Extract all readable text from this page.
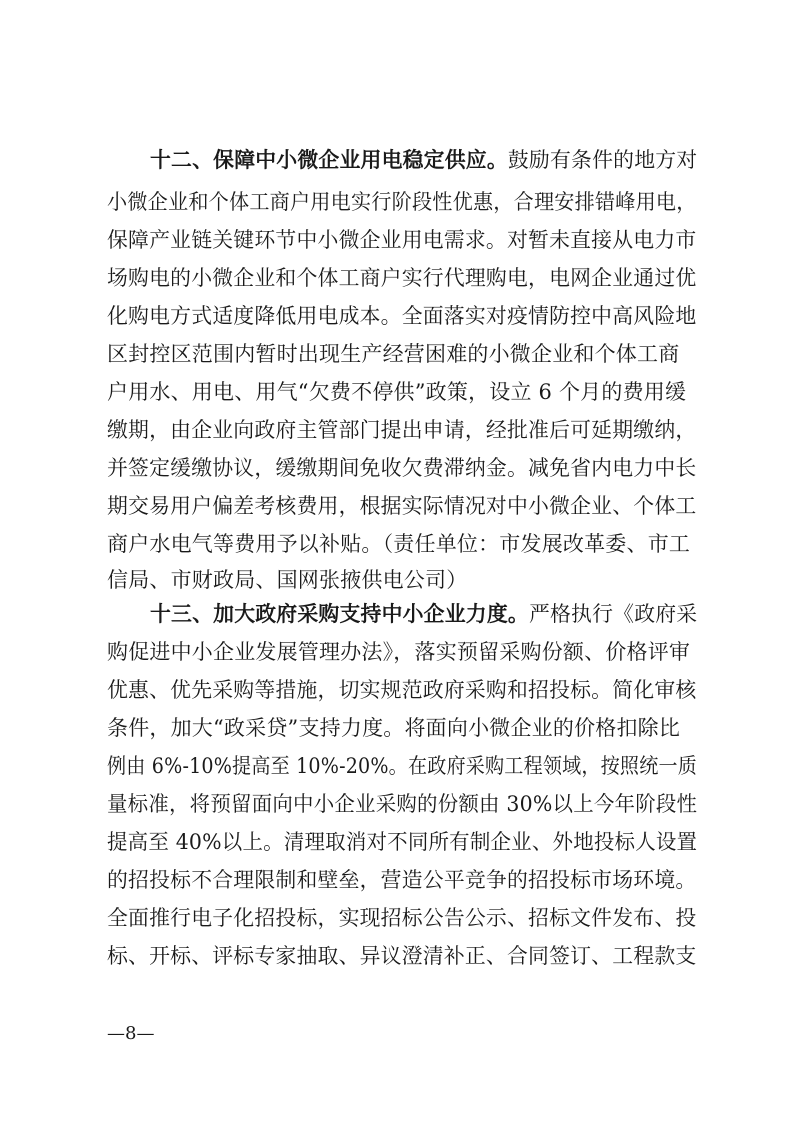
十二、保障中小微企业用电稳定供应。鼓励有条件的地方对
小微企业和个体工商户用电实行阶段性优惠，合理安排错峰用电，
保障产业链关键环节中小微企业用电需求。对暂未直接从电力市
场购电的小微企业和个体工商户实行代理购电，电网企业通过优
化购电方式适度降低用电成本。全面落实对疫情防控中高风险地
区封控区范围内暂时出现生产经营困难的小微企业和个体工商
户用水、用电、用气“欠费不停供”政策，设立 6 个月的费用缓
缴期，由企业向政府主管部门提出申请，经批准后可延期缴纳，
并签定缓缴协议，缓缴期间免收欠费滞纳金。减免省内电力中长
期交易用户偏差考核费用，根据实际情况对中小微企业、个体工
商户水电气等费用予以补贴。（责任单位：市发展改革委、市工
信局、市财政局、国网张掖供电公司）
十三、加大政府采购支持中小企业力度。严格执行《政府采
购促进中小企业发展管理办法》，落实预留采购份额、价格评审
优惠、优先采购等措施，切实规范政府采购和招投标。简化审核
条件，加大“政采贷”支持力度。将面向小微企业的价格扣除比
例由 6%-10%提高至 10%-20%。在政府采购工程领域，按照统一质
量标准，将预留面向中小企业采购的份额由 30%以上今年阶段性
提高至 40%以上。清理取消对不同所有制企业、外地投标人设置
的招投标不合理限制和壁垒，营造公平竞争的招投标市场环境。
全面推行电子化招投标，实现招标公告公示、招标文件发布、投
标、开标、评标专家抽取、异议澄清补正、合同签订、工程款支
—8—
